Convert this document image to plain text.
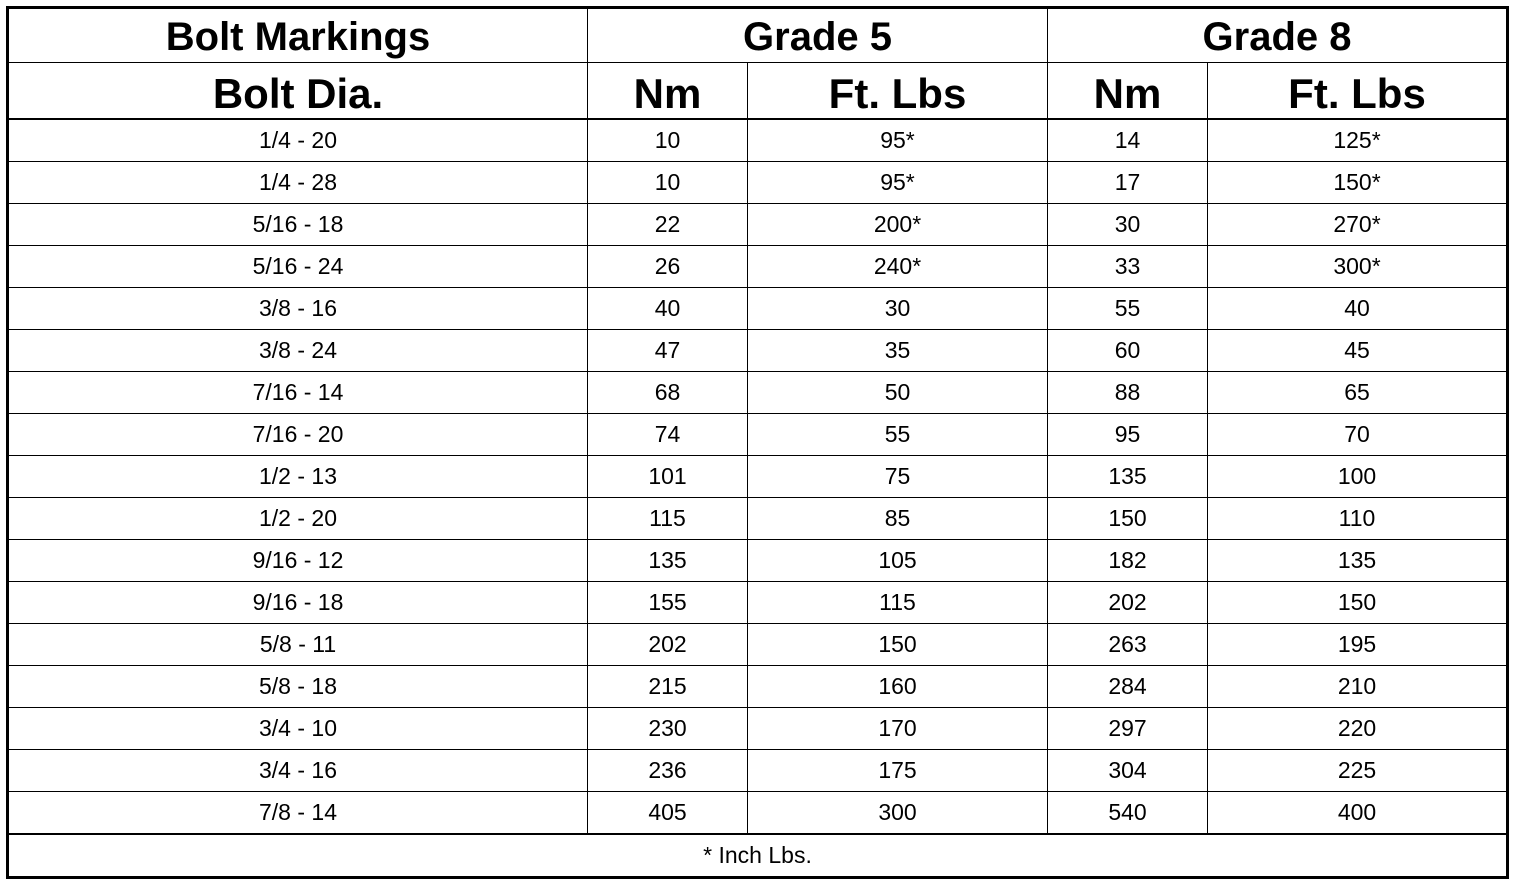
Bolt Markings	Grade 5		Grade 8	
Bolt Dia.	Nm	Ft. Lbs	Nm	Ft. Lbs
1/4 - 20	10	95*	14	125*
1/4 - 28	10	95*	17	150*
5/16 - 18	22	200*	30	270*
5/16 - 24	26	240*	33	300*
3/8 - 16	40	30	55	40
3/8 - 24	47	35	60	45
7/16 - 14	68	50	88	65
7/16 - 20	74	55	95	70
1/2 - 13	101	75	135	100
1/2 - 20	115	85	150	110
9/16 - 12	135	105	182	135
9/16 - 18	155	115	202	150
5/8 - 11	202	150	263	195
5/8 - 18	215	160	284	210
3/4 - 10	230	170	297	220
3/4 - 16	236	175	304	225
7/8 - 14	405	300	540	400
* Inch Lbs.				
